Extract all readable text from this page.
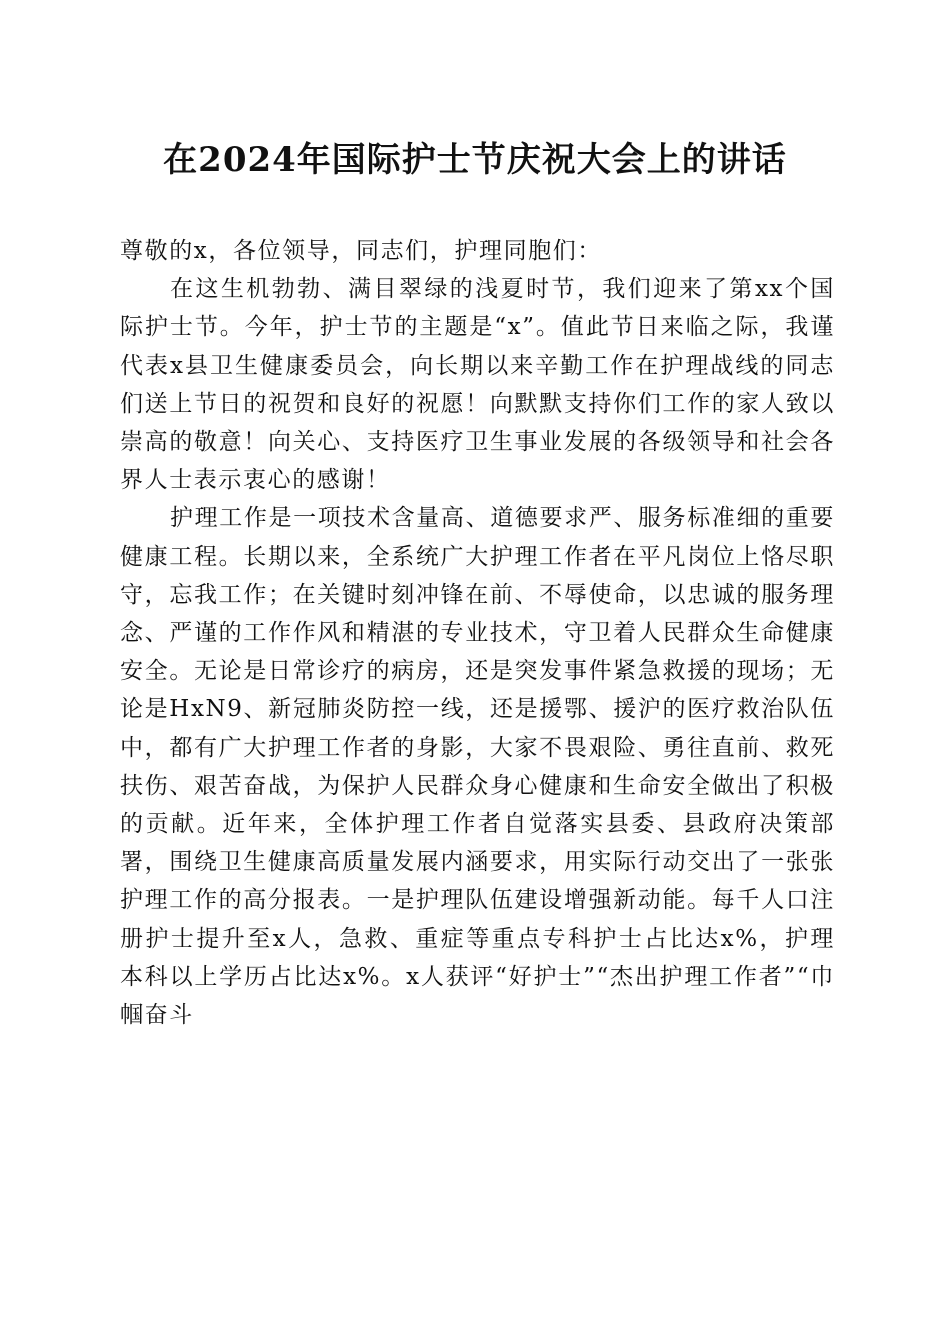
在2024年国际护士节庆祝大会上的讲话

尊敬的x，各位领导，同志们，护理同胞们：

在这生机勃勃、满目翠绿的浅夏时节，我们迎来了第xx个国际护士节。今年，护士节的主题是“x”。值此节日来临之际，我谨代表x县卫生健康委员会，向长期以来辛勤工作在护理战线的同志们送上节日的祝贺和良好的祝愿！向默默支持你们工作的家人致以崇高的敬意！向关心、支持医疗卫生事业发展的各级领导和社会各界人士表示衷心的感谢！

护理工作是一项技术含量高、道德要求严、服务标准细的重要健康工程。长期以来，全系统广大护理工作者在平凡岗位上恪尽职守，忘我工作；在关键时刻冲锋在前、不辱使命，以忠诚的服务理念、严谨的工作作风和精湛的专业技术，守卫着人民群众生命健康安全。无论是日常诊疗的病房，还是突发事件紧急救援的现场；无论是HxN9、新冠肺炎防控一线，还是援鄂、援沪的医疗救治队伍中，都有广大护理工作者的身影，大家不畏艰险、勇往直前、救死扶伤、艰苦奋战，为保护人民群众身心健康和生命安全做出了积极的贡献。近年来，全体护理工作者自觉落实县委、县政府决策部署，围绕卫生健康高质量发展内涵要求，用实际行动交出了一张张护理工作的高分报表。一是护理队伍建设增强新动能。每千人口注册护士提升至x人，急救、重症等重点专科护士占比达x%，护理本科以上学历占比达x%。x人获评“好护士”“杰出护理工作者”“巾帼奋斗
